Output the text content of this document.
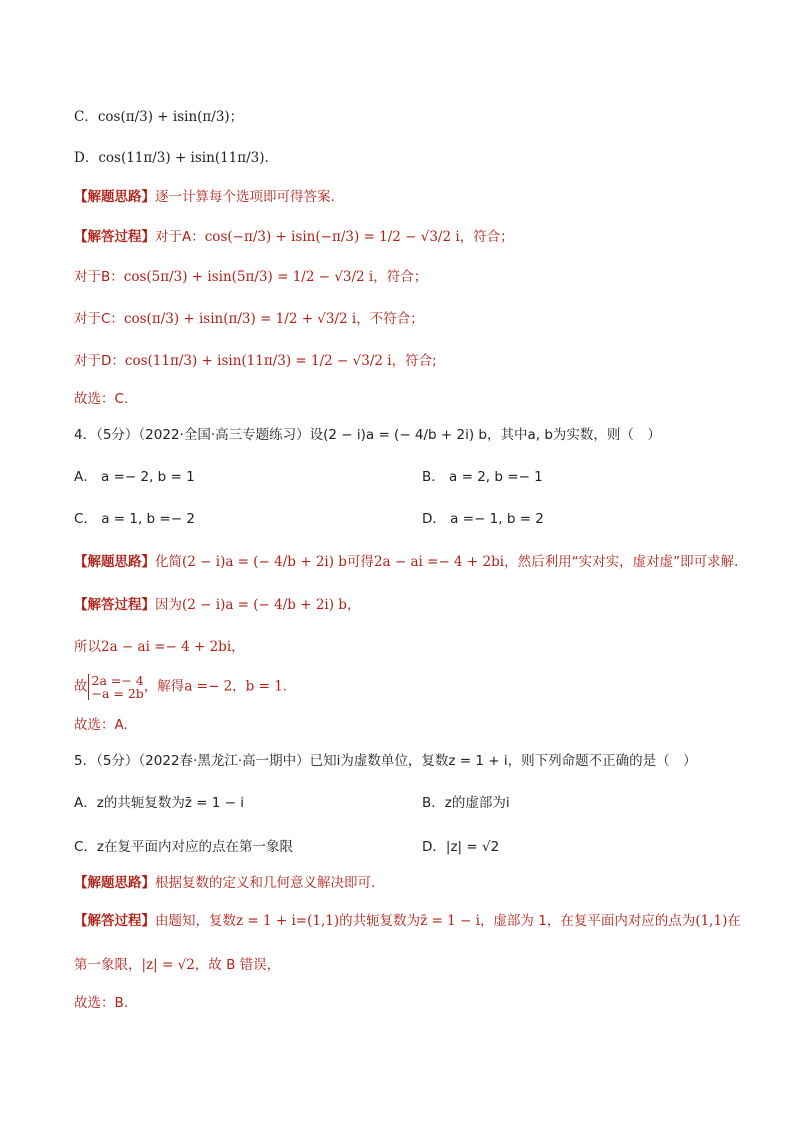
C．cos(π/3) + isin(π/3)；
D．cos(11π/3) + isin(11π/3).
【解题思路】逐一计算每个选项即可得答案.
【解答过程】对于A：cos(−π/3) + isin(−π/3) = 1/2 − √3/2 i，符合；
对于B：cos(5π/3) + isin(5π/3) = 1/2 − √3/2 i，符合；
对于C：cos(π/3) + isin(π/3) = 1/2 + √3/2 i，不符合；
对于D：cos(11π/3) + isin(11π/3) = 1/2 − √3/2 i，符合;
故选：C.
4．（5分）（2022·全国·高三专题练习）设(2 − i)a = (− 4/b + 2i) b，其中a, b为实数，则（　）
A． a =− 2, b = 1	B． a = 2, b =− 1
C． a = 1, b =− 2	D． a =− 1, b = 2
【解题思路】化简(2 − i)a = (− 4/b + 2i) b可得2a − ai =− 4 + 2bi，然后利用“实对实，虚对虚”即可求解.
【解答过程】因为(2 − i)a = (− 4/b + 2i) b，
所以2a − ai =− 4 + 2bi，
故 2a =− 4
−a = 2b ，解得a =− 2，b = 1.
故选：A.
5．（5分）（2022春·黑龙江·高一期中）已知i为虚数单位，复数z = 1 + i，则下列命题不正确的是（　）
A．z的共轭复数为z̄ = 1 − i	B．z的虚部为i
C．z在复平面内对应的点在第一象限	D．|z| = √2
【解题思路】根据复数的定义和几何意义解决即可.
【解答过程】由题知，复数z = 1 + i=(1,1)的共轭复数为z̄ = 1 − i，虚部为 1，在复平面内对应的点为(1,1)在
第一象限，|z| = √2，故 B 错误，
故选：B.
